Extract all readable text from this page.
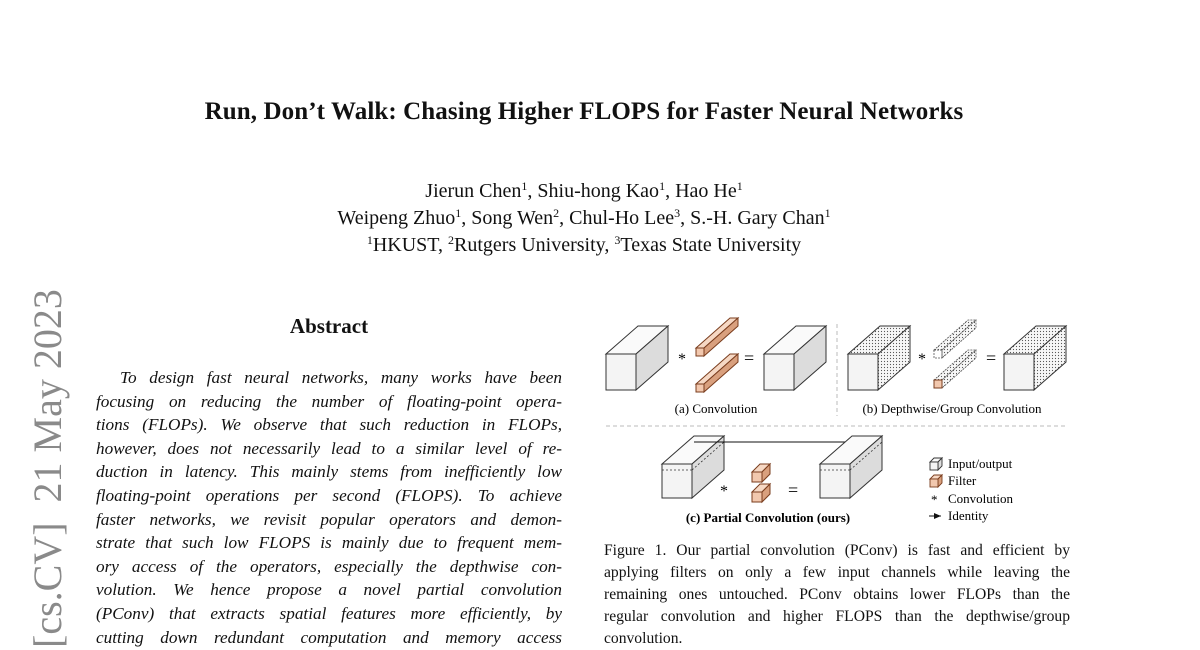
Run, Don’t Walk: Chasing Higher FLOPS for Faster Neural Networks
Jierun Chen$^1$, Shiu-hong Kao$^1$, Hao He$^1$
Weipeng Zhuo$^1$, Song Wen$^2$, Chul-Ho Lee$^3$, S.-H. Gary Chan$^1$
$^1$HKUST, $^2$Rutgers University, $^3$Texas State University
[cs.CV]  21 May 2023	Abstract
To design fast neural networks, many works have been
focusing on reducing the number of floating-point opera-
tions (FLOPs). We observe that such reduction in FLOPs,
however, does not necessarily lead to a similar level of re-
duction in latency. This mainly stems from inefficiently low
floating-point operations per second (FLOPS). To achieve
faster networks, we revisit popular operators and demon-
strate that such low FLOPS is mainly due to frequent mem-
ory access of the operators, especially the depthwise con-
volution. We hence propose a novel partial convolution
(PConv) that extracts spatial features more efficiently, by
cutting down redundant computation and memory access
*	=
(a) Convolution
*	=
(b) Depthwise/Group Convolution
*	=
(c) Partial Convolution (ours)
Input/output
Filter
* Convolution
Identity
Figure 1. Our partial convolution (PConv) is fast and efficient by
applying filters on only a few input channels while leaving the
remaining ones untouched. PConv obtains lower FLOPs than the
regular convolution and higher FLOPS than the depthwise/group
convolution.
